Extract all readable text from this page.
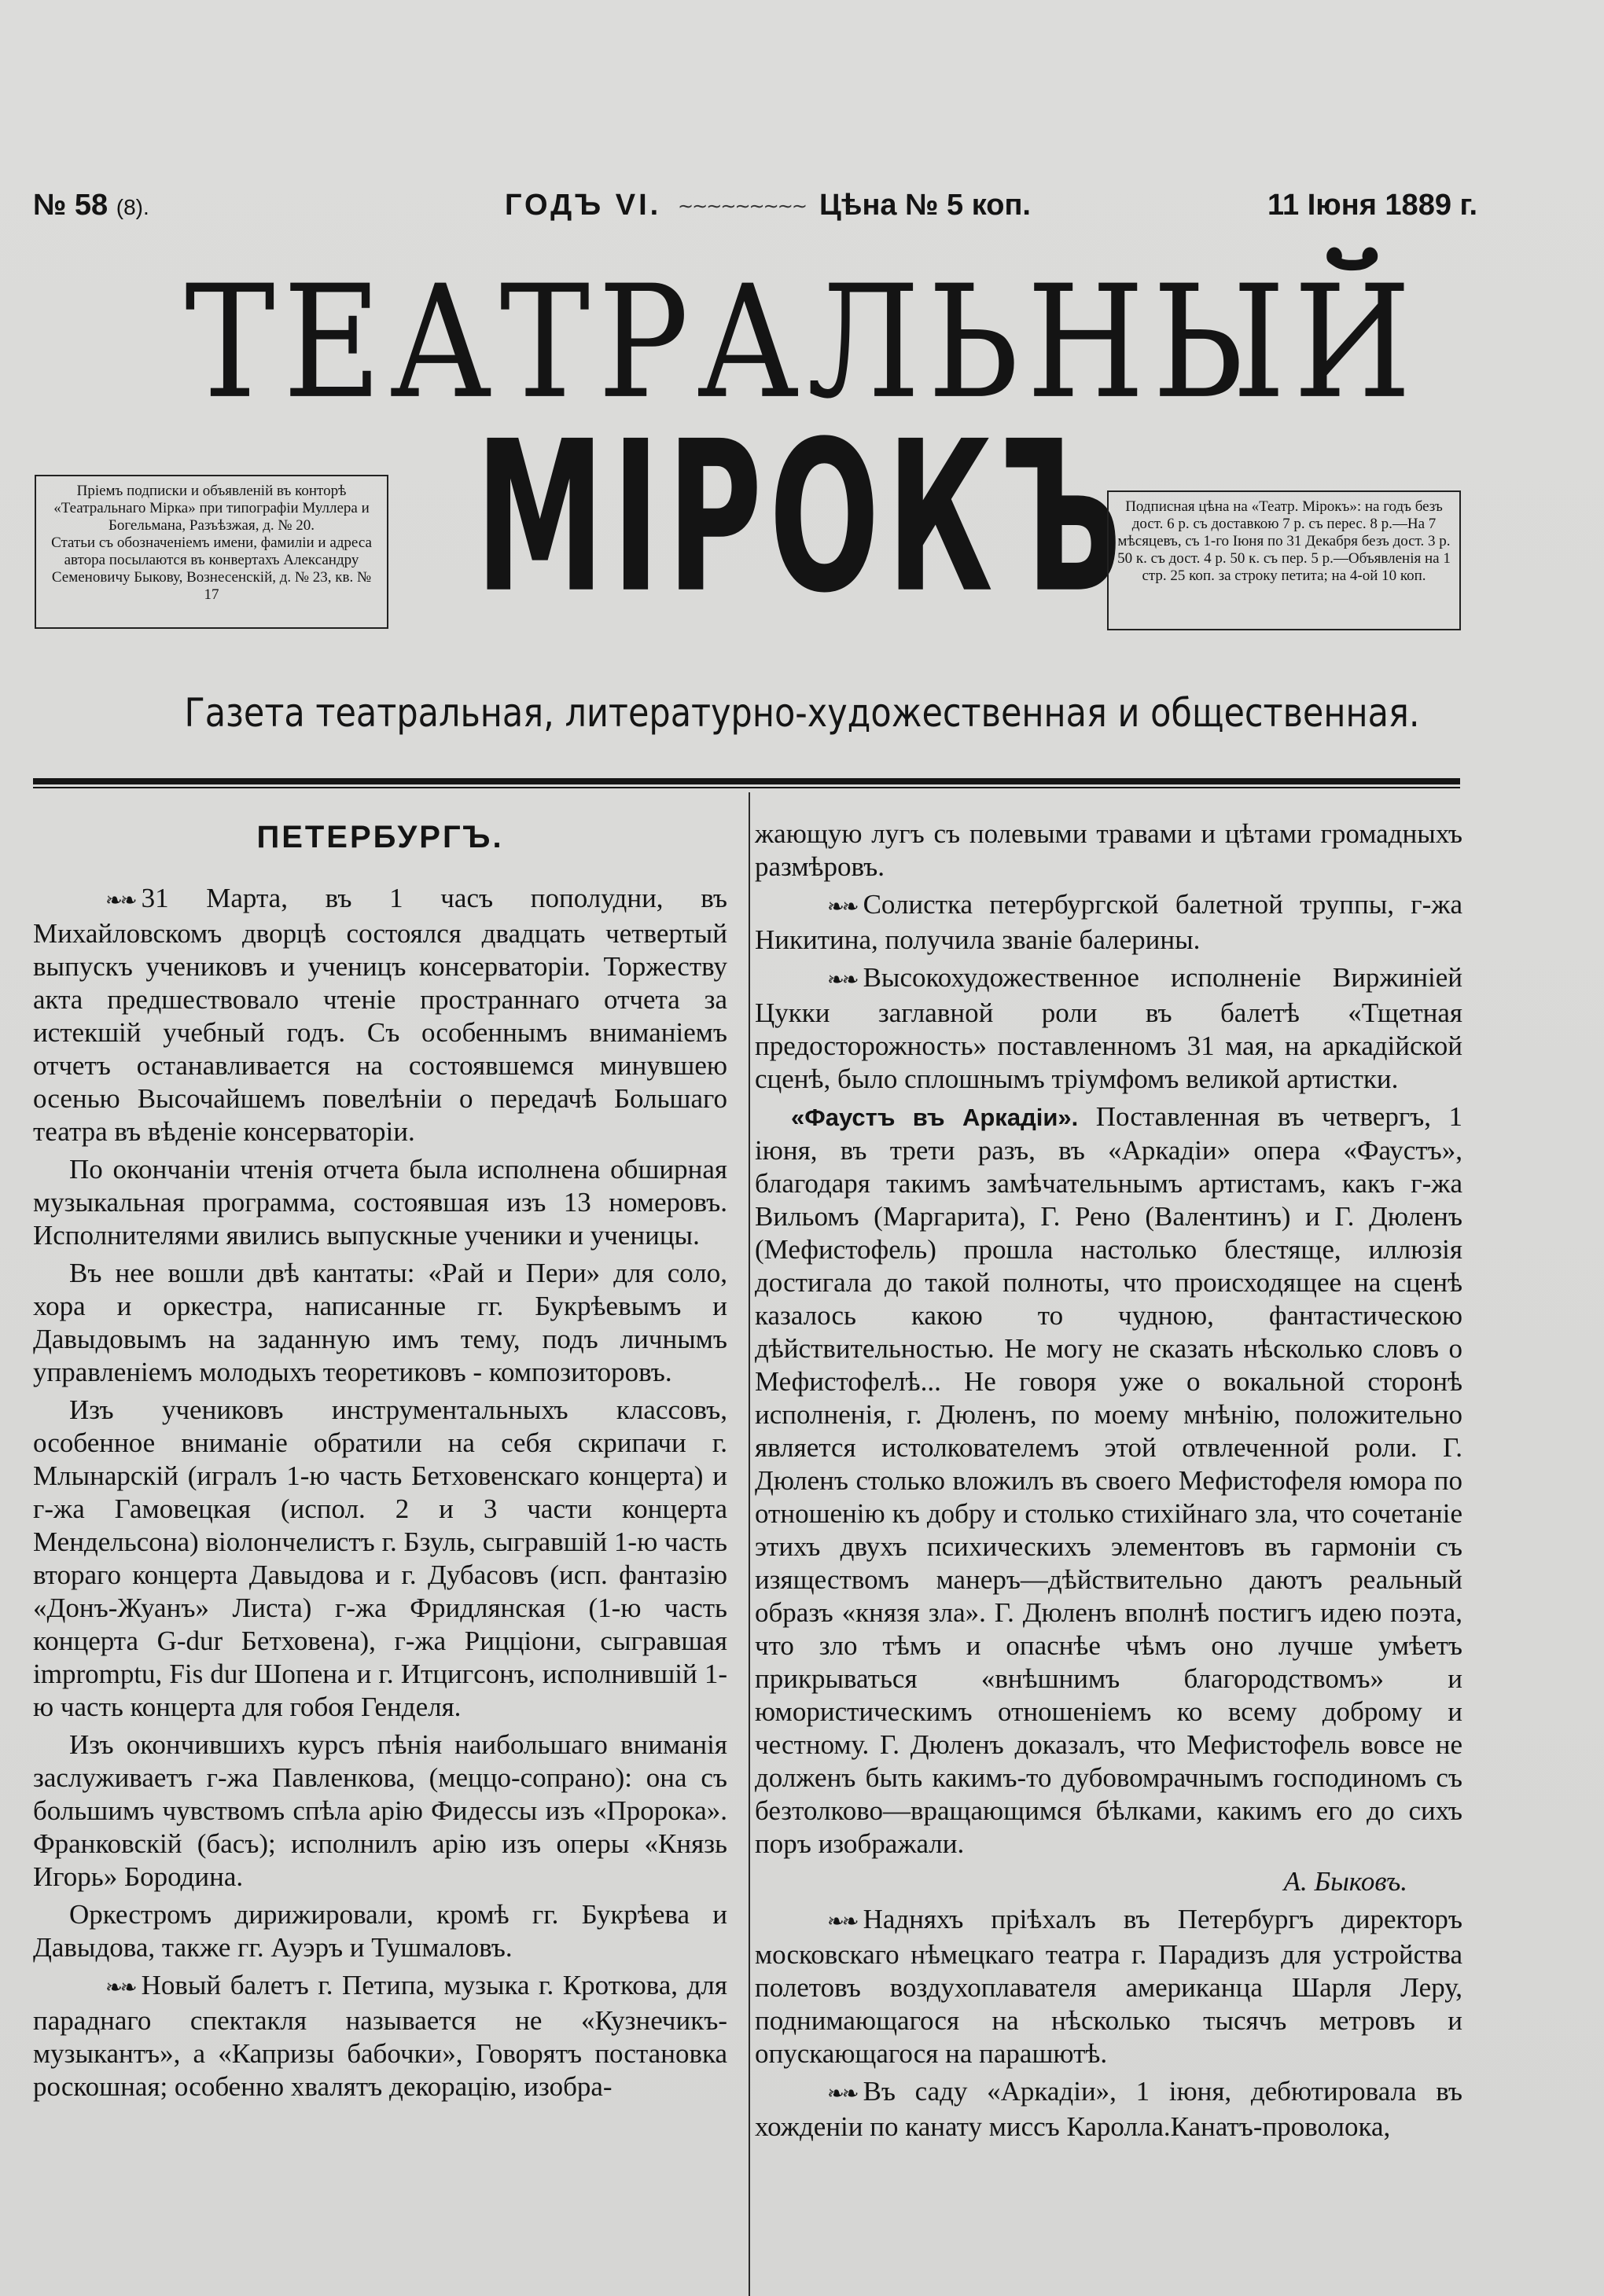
№ 58 (8).	ГОДЪ VI. ∼∼∼∼∼∼∼∼∼ Цѣна № 5 коп.	11 Іюня 1889 г.
ТЕАТРАЛЬНЫЙ
МІРОКЪ

Пріемъ подписки и объявленій въ конторѣ «Театральнаго Мірка» при типографіи Муллера и Богельмана, Разъѣзжая, д. № 20.

Статьи съ обозначеніемъ имени, фамиліи и адреса автора посылаются въ конвертахъ Александру Семеновичу Быкову, Вознесенскій, д. № 23, кв. № 17

Подписная цѣна на «Театр. Мірокъ»: на годъ безъ дост. 6 р. съ доставкою 7 р. съ перес. 8 р.—На 7 мѣсяцевъ, съ 1-го Іюня по 31 Декабря безъ дост. 3 р. 50 к. съ дост. 4 р. 50 к. съ пер. 5 р.—Объявленія на 1 стр. 25 коп. за строку петита; на 4-ой 10 коп.

Газета театральная, литературно-художественная и общественная.
ПЕТЕРБУРГЪ.

❧❧ 31 Марта, въ 1 часъ пополудни, въ Михайловскомъ дворцѣ состоялся двадцать четвертый выпускъ учениковъ и ученицъ консерваторіи. Торжеству акта предшествовало чтеніе пространнаго отчета за истекшій учебный годъ. Съ особеннымъ вниманіемъ отчетъ останавливается на состоявшемся минувшею осенью Высочайшемъ повелѣніи о передачѣ Большаго театра въ вѣденіе консерваторіи.

По окончаніи чтенія отчета была исполнена обширная музыкальная программа, состоявшая изъ 13 номеровъ. Исполнителями явились выпускные ученики и ученицы.

Въ нее вошли двѣ кантаты: «Рай и Пери» для соло, хора и оркестра, написанные гг. Букрѣевымъ и Давыдовымъ на заданную имъ тему, подъ личнымъ управленіемъ молодыхъ теоретиковъ - композиторовъ.

Изъ учениковъ инструментальныхъ классовъ, особенное вниманіе обратили на себя скрипачи г. Млынарскій (игралъ 1-ю часть Бетховенскаго концерта) и г-жа Гамовецкая (испол. 2 и 3 части концерта Мендельсона) віолончелистъ г. Бзуль, сыгравшій 1-ю часть втораго концерта Давыдова и г. Дубасовъ (исп. фантазію «Донъ-Жуанъ» Листа) г-жа Фридлянская (1-ю часть концерта G-dur Бетховена), г-жа Рицціони, сыгравшая impromptu, Fis dur Шопена и г. Итцигсонъ, исполнившій 1-ю часть концерта для гобоя Генделя.

Изъ окончившихъ курсъ пѣнія наибольшаго вниманія заслуживаетъ г-жа Павленкова, (меццо-сопрано): она съ большимъ чувствомъ спѣла арію Фидессы изъ «Пророка». Франковскій (басъ); исполнилъ арію изъ оперы «Князь Игорь» Бородина.

Оркестромъ дирижировали, кромѣ гг. Букрѣева и Давыдова, также гг. Ауэръ и Тушмаловъ.

❧❧ Новый балетъ г. Петипа, музыка г. Кроткова, для параднаго спектакля называется не «Кузнечикъ-музыкантъ», а «Капризы бабочки», Говорятъ постановка роскошная; особенно хвалятъ декорацію, изобра-

жающую лугъ съ полевыми травами и цѣтами громадныхъ размѣровъ.

❧❧ Солистка петербургской балетной труппы, г-жа Никитина, получила званіе балерины.

❧❧ Высокохудожественное исполненіе Виржиніей Цукки заглавной роли въ балетѣ «Тщетная предосторожность» поставленномъ 31 мая, на аркадійской сценѣ, было сплошнымъ тріумфомъ великой артистки.

«Фаустъ въ Аркадіи». Поставленная въ четвергъ, 1 іюня, въ трети разъ, въ «Аркадіи» опера «Фаустъ», благодаря такимъ замѣчательнымъ артистамъ, какъ г-жа Вильомъ (Маргарита), Г. Рено (Валентинъ) и Г. Дюленъ (Мефистофель) прошла настолько блестяще, иллюзія достигала до такой полноты, что происходящее на сценѣ казалось какою то чудною, фантастическою дѣйствительностью. Не могу не сказать нѣсколько словъ о Мефистофелѣ... Не говоря уже о вокальной сторонѣ исполненія, г. Дюленъ, по моему мнѣнію, положительно является истолкователемъ этой отвлеченной роли. Г. Дюленъ столько вложилъ въ своего Мефистофеля юмора по отношенію къ добру и столько стихійнаго зла, что сочетаніе этихъ двухъ психическихъ элементовъ въ гармоніи съ изяществомъ манеръ—дѣйствительно даютъ реальный образъ «князя зла». Г. Дюленъ вполнѣ постигъ идею поэта, что зло тѣмъ и опаснѣе чѣмъ оно лучше умѣетъ прикрываться «внѣшнимъ благородствомъ» и юмористическимъ отношеніемъ ко всему доброму и честному. Г. Дюленъ доказалъ, что Мефистофель вовсе не долженъ быть какимъ-то дубовомрачнымъ господиномъ съ безтолково—вращающимся бѣлками, какимъ его до сихъ поръ изображали.

А. Быковъ.

❧❧ Надняхъ пріѣхалъ въ Петербургъ директоръ московскаго нѣмецкаго театра г. Парадизъ для устройства полетовъ воздухоплавателя американца Шарля Леру, поднимающагося на нѣсколько тысячъ метровъ и опускающагося на парашютѣ.

❧❧ Въ саду «Аркадіи», 1 іюня, дебютировала въ хожденіи по канату миссъ Каролла.Канатъ-проволока,
